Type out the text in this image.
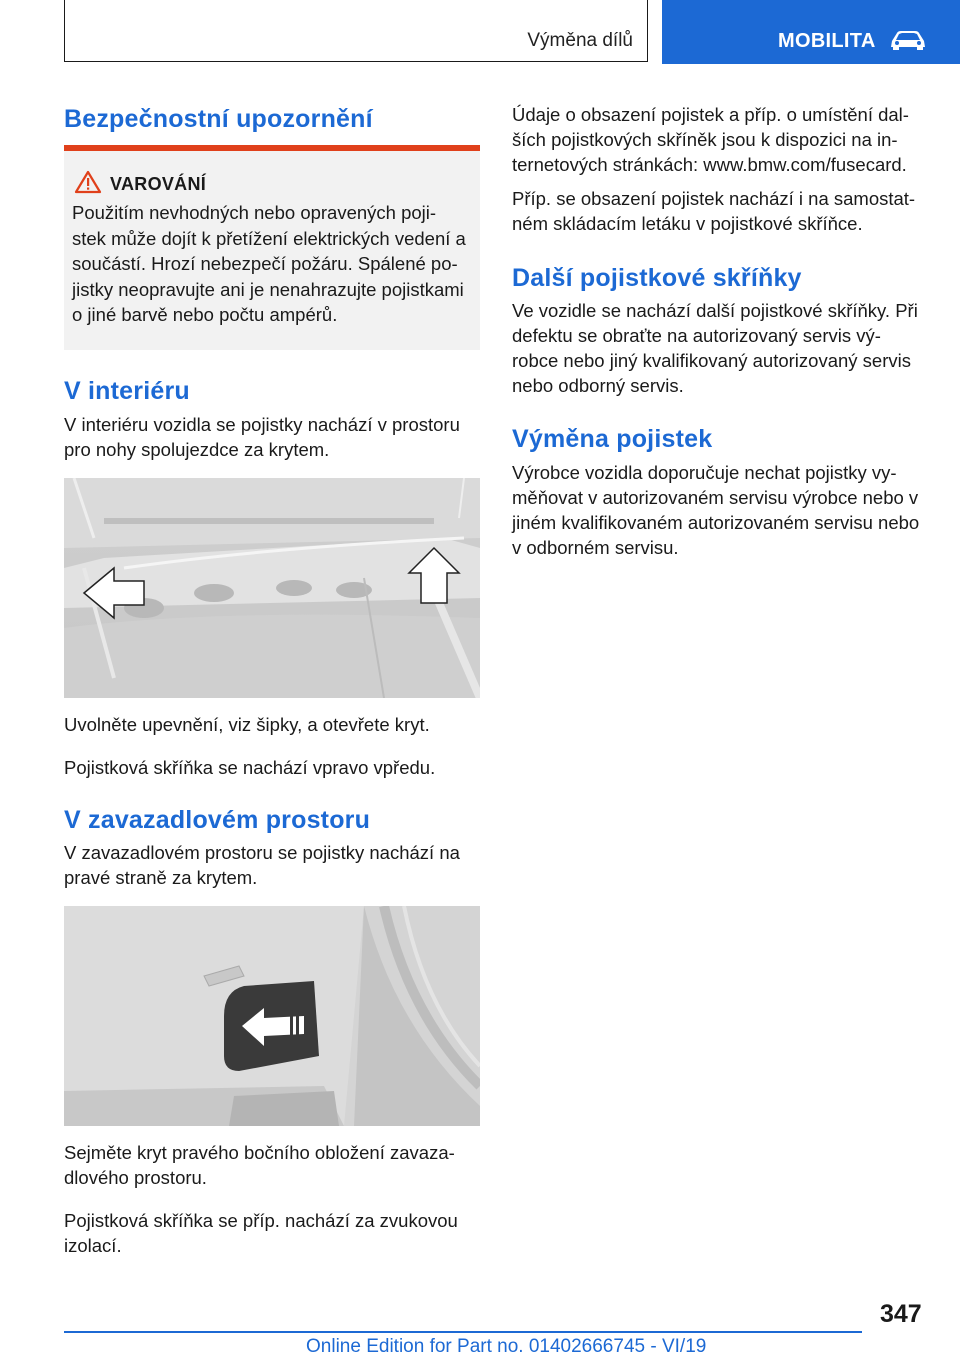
Výměna dílů	MOBILITA
Bezpečnostní upozornění
VAROVÁNÍ
Použitím nevhodných nebo opravených poji‐
stek může dojít k přetížení elektrických vedení a
součástí. Hrozí nebezpečí požáru. Spálené po‐
jistky neopravujte ani je nenahrazujte pojistkami
o jiné barvě nebo počtu ampérů.
V interiéru
V interiéru vozidla se pojistky nachází v prostoru
pro nohy spolujezdce za krytem.
Uvolněte upevnění, viz šipky, a otevřete kryt.
Pojistková skříňka se nachází vpravo vpředu.
V zavazadlovém prostoru
V zavazadlovém prostoru se pojistky nachází na
pravé straně za krytem.
Sejměte kryt pravého bočního obložení zavaza‐
dlového prostoru.
Pojistková skříňka se příp. nachází za zvukovou
izolací.
Údaje o obsazení pojistek a příp. o umístění dal‐
ších pojistkových skříněk jsou k dispozici na in‐
ternetových stránkách: www.bmw.com/fusecard.
Příp. se obsazení pojistek nachází i na samostat‐
ném skládacím letáku v pojistkové skříňce.
Další pojistkové skříňky
Ve vozidle se nachází další pojistkové skříňky. Při
defektu se obraťte na autorizovaný servis vý‐
robce nebo jiný kvalifikovaný autorizovaný servis
nebo odborný servis.
Výměna pojistek
Výrobce vozidla doporučuje nechat pojistky vy‐
měňovat v autorizovaném servisu výrobce nebo v
jiném kvalifikovaném autorizovaném servisu nebo
v odborném servisu.
347
Online Edition for Part no. 01402666745 - VI/19
